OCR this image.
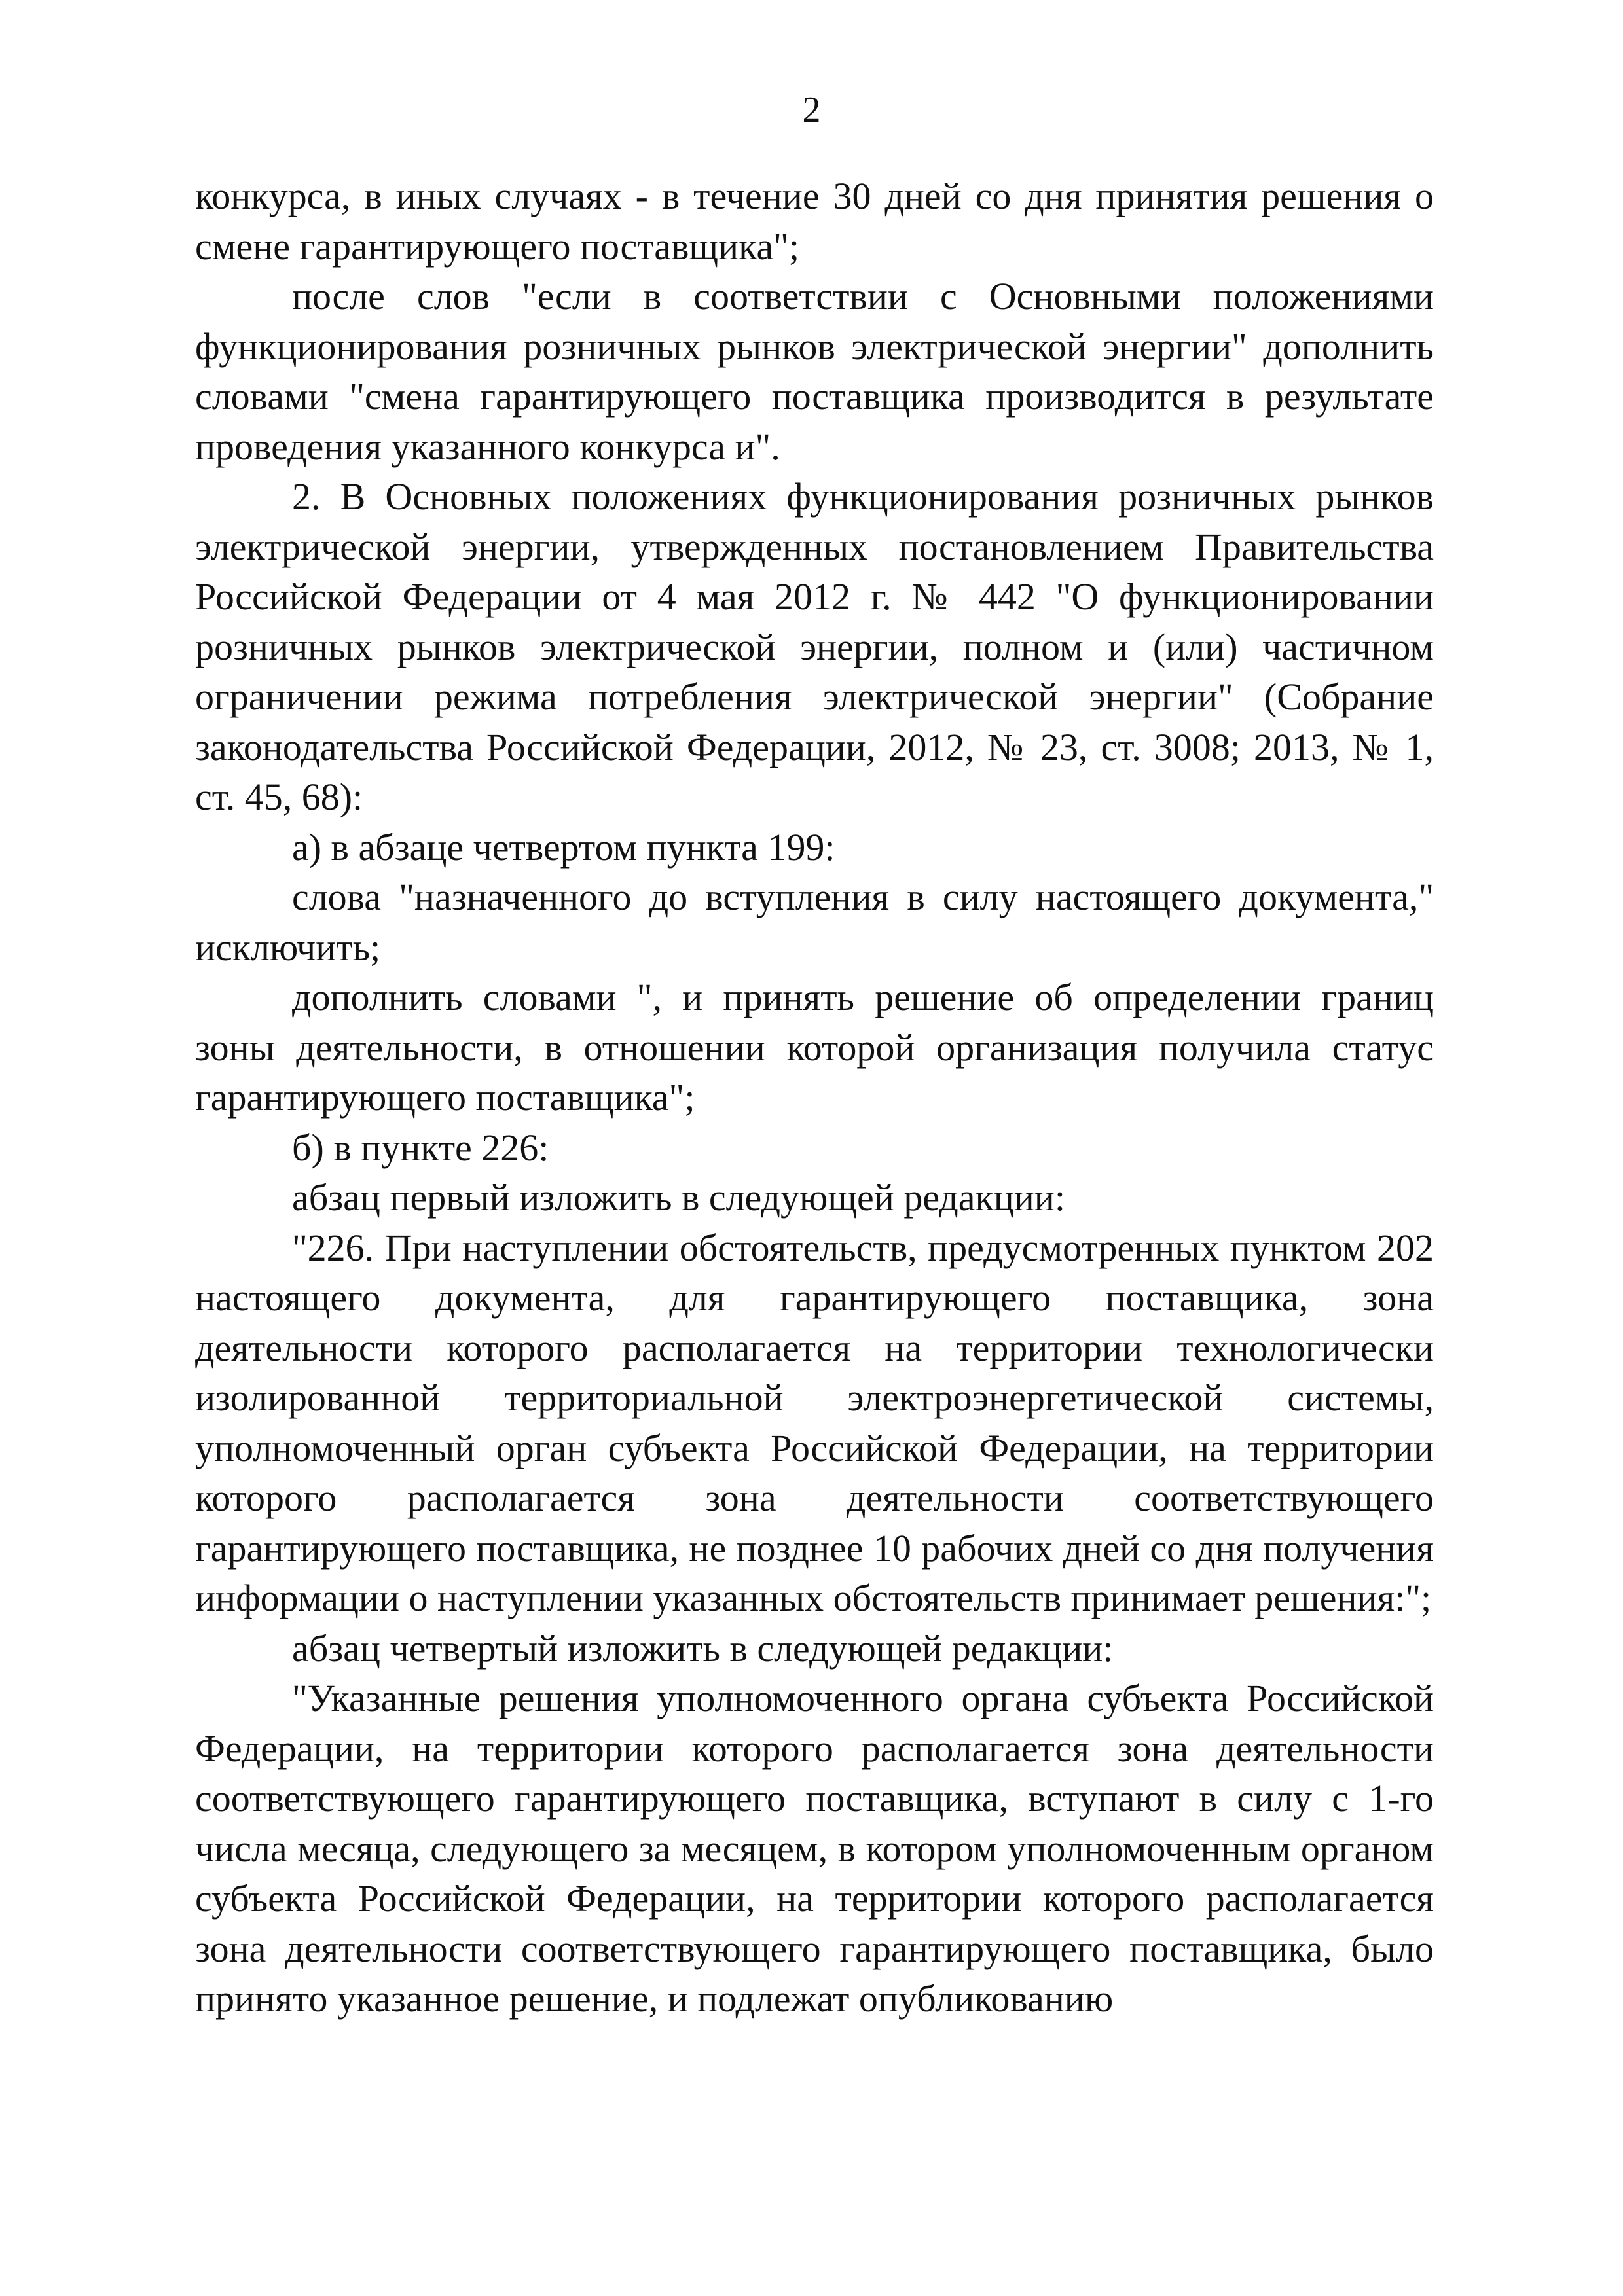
2

конкурса, в иных случаях - в течение 30 дней со дня принятия решения о смене гарантирующего поставщика";

после слов "если в соответствии с Основными положениями функционирования розничных рынков электрической энергии" дополнить словами "смена гарантирующего поставщика производится в результате проведения указанного конкурса и".

2. В Основных положениях функционирования розничных рынков электрической энергии, утвержденных постановлением Правительства Российской Федерации от 4 мая 2012 г. № 442 "О функционировании розничных рынков электрической энергии, полном и (или) частичном ограничении режима потребления электрической энергии" (Собрание законодательства Российской Федерации, 2012, № 23, ст. 3008; 2013, № 1, ст. 45, 68):

а) в абзаце четвертом пункта 199:

слова "назначенного до вступления в силу настоящего документа," исключить;

дополнить словами ", и принять решение об определении границ зоны деятельности, в отношении которой организация получила статус гарантирующего поставщика";

б) в пункте 226:

абзац первый изложить в следующей редакции:

"226. При наступлении обстоятельств, предусмотренных пунктом 202 настоящего документа, для гарантирующего поставщика, зона деятельности которого располагается на территории технологически изолированной территориальной электроэнергетической системы, уполномоченный орган субъекта Российской Федерации, на территории которого располагается зона деятельности соответствующего гарантирующего поставщика, не позднее 10 рабочих дней со дня получения информации о наступлении указанных обстоятельств принимает решения:";

абзац четвертый изложить в следующей редакции:

"Указанные решения уполномоченного органа субъекта Российской Федерации, на территории которого располагается зона деятельности соответствующего гарантирующего поставщика, вступают в силу с 1-го числа месяца, следующего за месяцем, в котором уполномоченным органом субъекта Российской Федерации, на территории которого располагается зона деятельности соответствующего гарантирующего поставщика, было принято указанное решение, и подлежат опубликованию
